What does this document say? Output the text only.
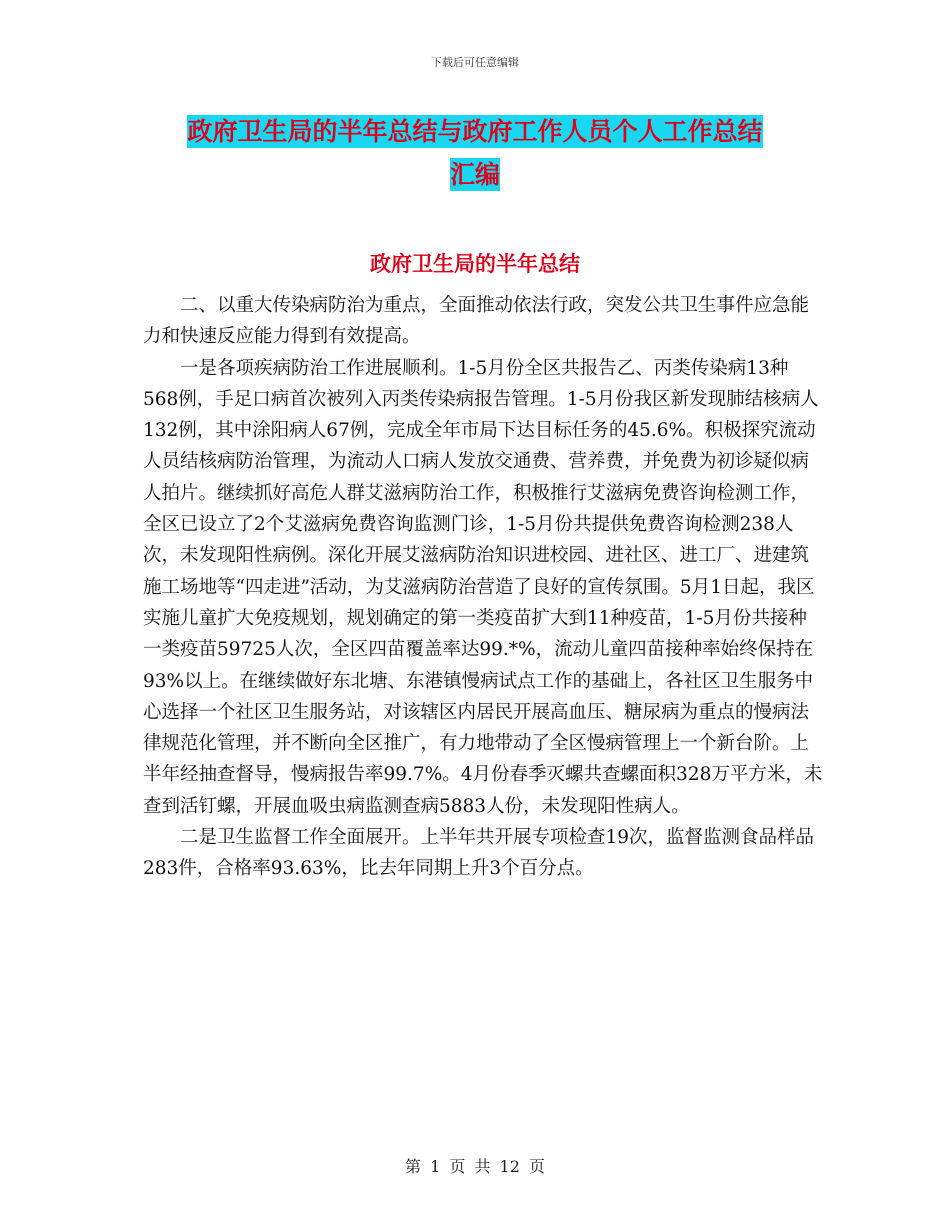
下载后可任意编辑
政府卫生局的半年总结与政府工作人员个人工作总结
汇编
政府卫生局的半年总结

二、以重大传染病防治为重点，全面推动依法行政，突发公共卫生事件应急能力和快速反应能力得到有效提高。

一是各项疾病防治工作进展顺利。1-5月份全区共报告乙、丙类传染病13种568例，手足口病首次被列入丙类传染病报告管理。1-5月份我区新发现肺结核病人132例，其中涂阳病人67例，完成全年市局下达目标任务的45.6%。积极探究流动人员结核病防治管理，为流动人口病人发放交通费、营养费，并免费为初诊疑似病人拍片。继续抓好高危人群艾滋病防治工作，积极推行艾滋病免费咨询检测工作，全区已设立了2个艾滋病免费咨询监测门诊，1-5月份共提供免费咨询检测238人次，未发现阳性病例。深化开展艾滋病防治知识进校园、进社区、进工厂、进建筑施工场地等“四走进”活动，为艾滋病防治营造了良好的宣传氛围。5月1日起，我区实施儿童扩大免疫规划，规划确定的第一类疫苗扩大到11种疫苗，1-5月份共接种一类疫苗59725人次，全区四苗覆盖率达99.*%，流动儿童四苗接种率始终保持在93%以上。在继续做好东北塘、东港镇慢病试点工作的基础上，各社区卫生服务中心选择一个社区卫生服务站，对该辖区内居民开展高血压、糖尿病为重点的慢病法律规范化管理，并不断向全区推广，有力地带动了全区慢病管理上一个新台阶。上半年经抽查督导，慢病报告率99.7%。4月份春季灭螺共查螺面积328万平方米，未查到活钉螺，开展血吸虫病监测查病5883人份，未发现阳性病人。

二是卫生监督工作全面展开。上半年共开展专项检查19次，监督监测食品样品283件，合格率93.63%，比去年同期上升3个百分点。

第 1 页 共 12 页
